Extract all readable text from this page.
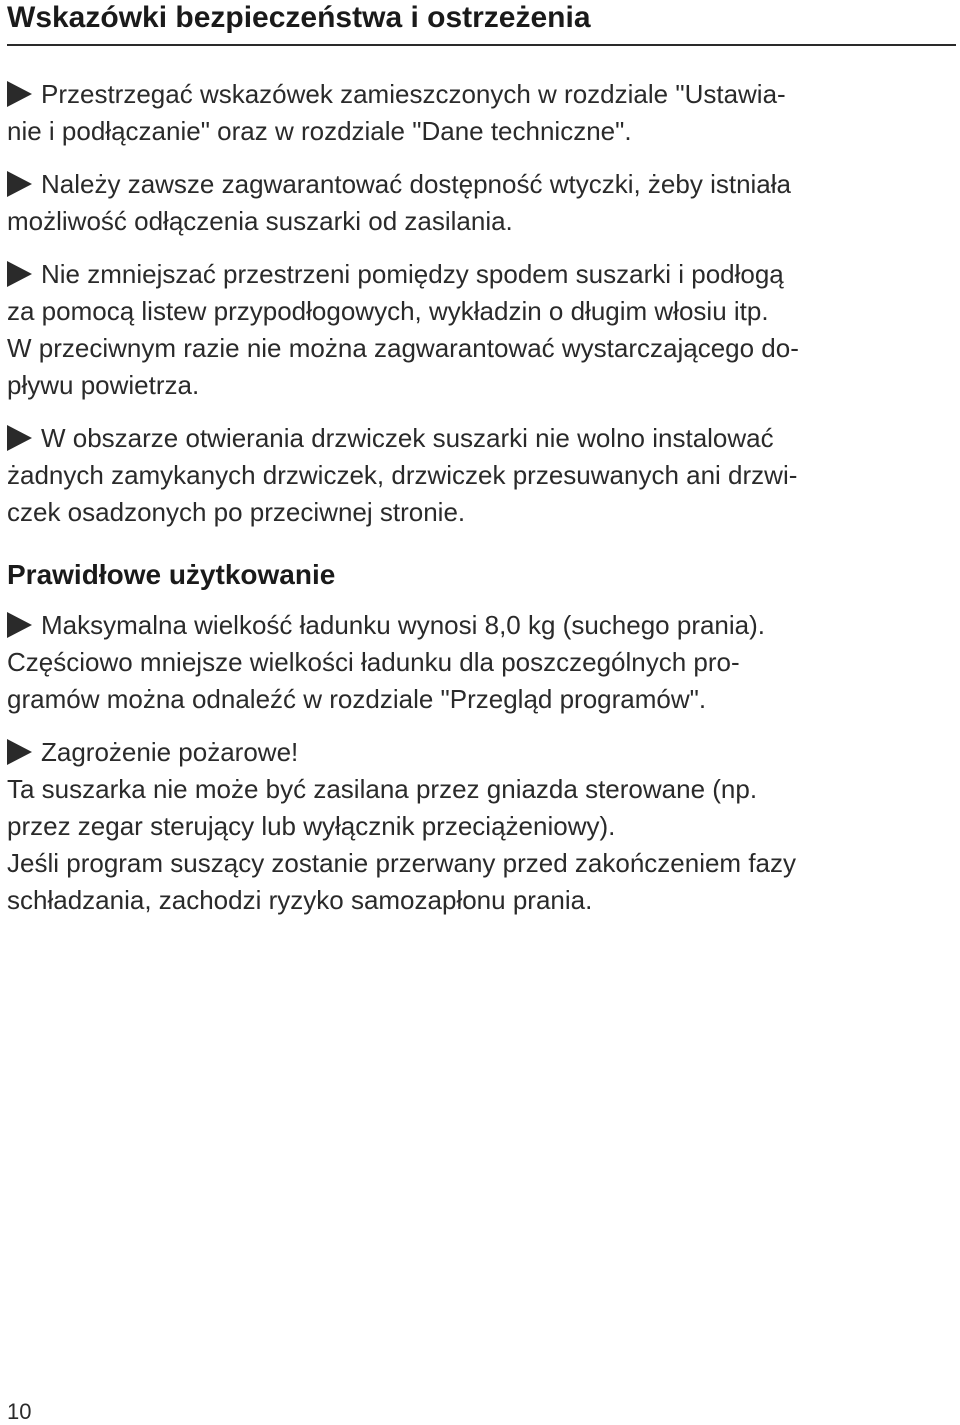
Wskazówki bezpieczeństwa i ostrzeżenia

Przestrzegać wskazówek zamieszczonych w rozdziale "Ustawia-
nie i podłączanie" oraz w rozdziale "Dane techniczne".

Należy zawsze zagwarantować dostępność wtyczki, żeby istniała
możliwość odłączenia suszarki od zasilania.

Nie zmniejszać przestrzeni pomiędzy spodem suszarki i podłogą
za pomocą listew przypodłogowych, wykładzin o długim włosiu itp.
W przeciwnym razie nie można zagwarantować wystarczającego do-
pływu powietrza.

W obszarze otwierania drzwiczek suszarki nie wolno instalować
żadnych zamykanych drzwiczek, drzwiczek przesuwanych ani drzwi-
czek osadzonych po przeciwnej stronie.

Prawidłowe użytkowanie

Maksymalna wielkość ładunku wynosi 8,0 kg (suchego prania).
Częściowo mniejsze wielkości ładunku dla poszczególnych pro-
gramów można odnaleźć w rozdziale "Przegląd programów".

Zagrożenie pożarowe!
Ta suszarka nie może być zasilana przez gniazda sterowane (np.
przez zegar sterujący lub wyłącznik przeciążeniowy).
Jeśli program suszący zostanie przerwany przed zakończeniem fazy
schładzania, zachodzi ryzyko samozapłonu prania.

10
